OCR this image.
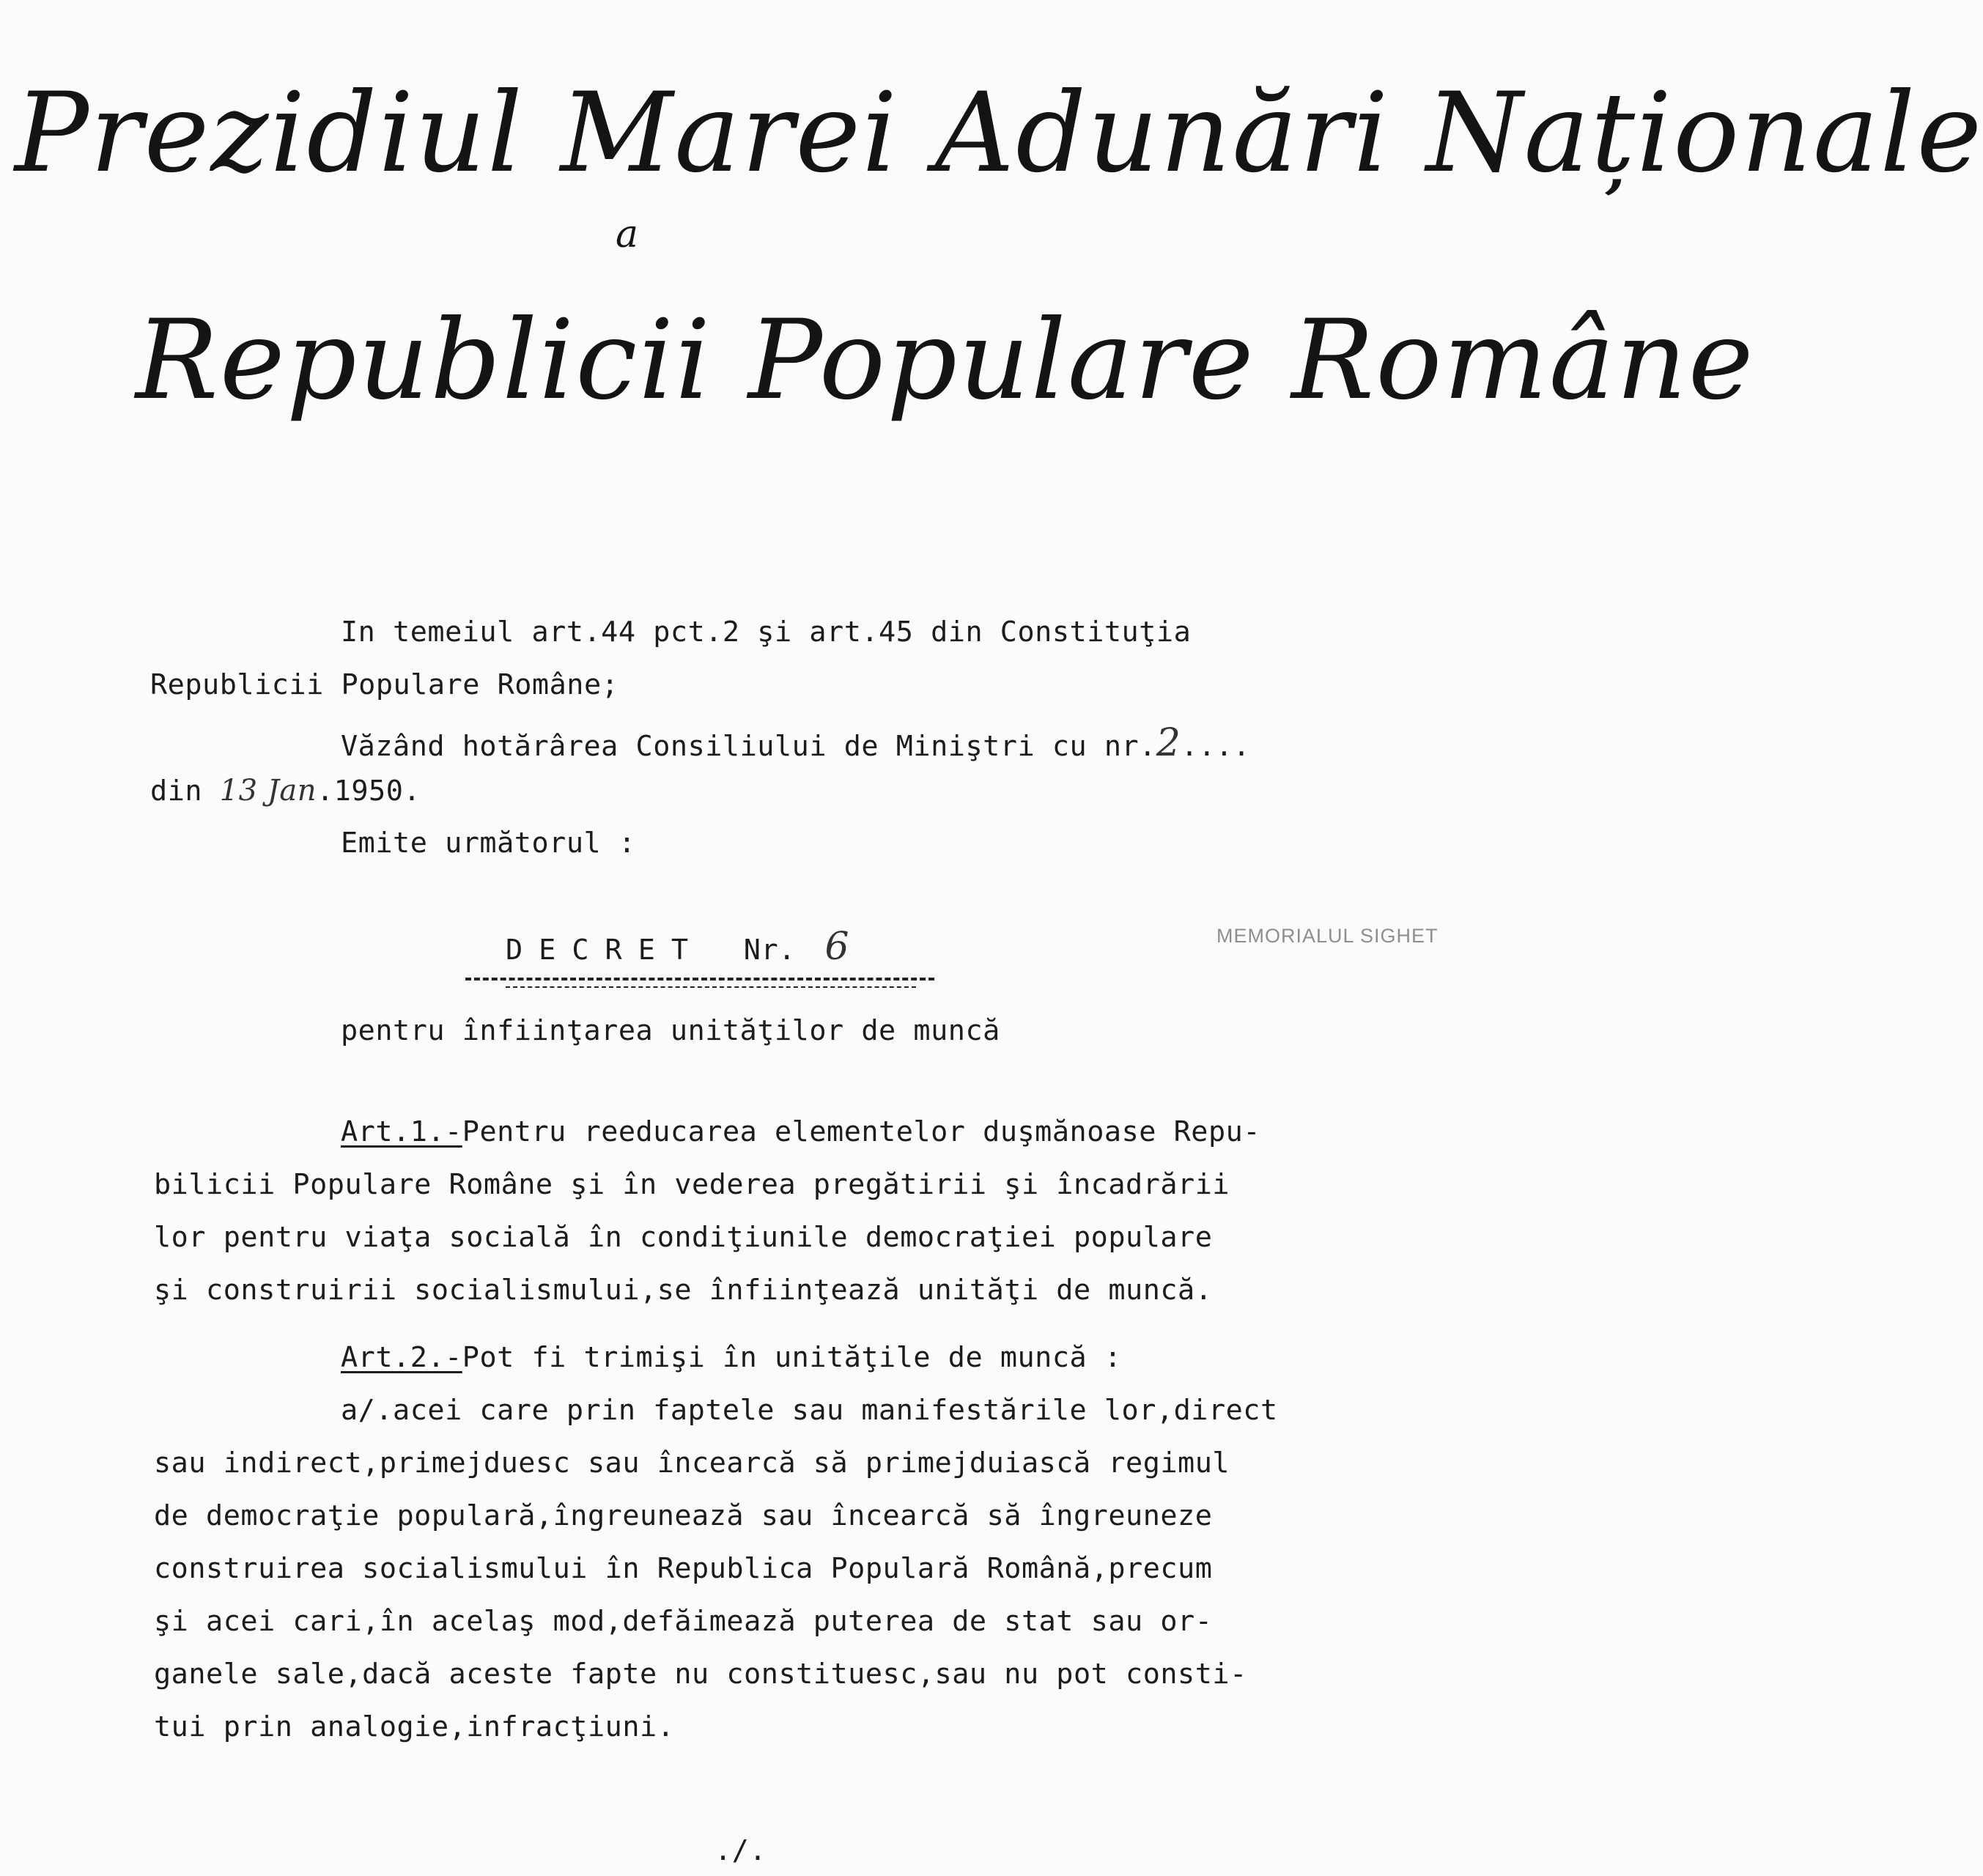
Prezidiul Marei Adunări Naționale
a
Republicii Populare Române
In temeiul art.44 pct.2 şi art.45 din Constituţia
Republicii Populare Române;
Văzând hotărârea Consiliului de Miniştri cu nr.2....
din 13 Jan.1950.
Emite următorul :
DECRET Nr. 6	MEMORIALUL SIGHET
pentru înfiinţarea unităţilor de muncă
Art.1.-Pentru reeducarea elementelor duşmănoase Repu-
bilicii Populare Române şi în vederea pregătirii şi încadrării
lor pentru viaţa socială în condiţiunile democraţiei populare
şi construirii socialismului,se înfiinţează unităţi de muncă.
Art.2.-Pot fi trimişi în unităţile de muncă :
a/.acei care prin faptele sau manifestările lor,direct
sau indirect,primejduesc sau încearcă să primejduiască regimul
de democraţie populară,îngreunează sau încearcă să îngreuneze
construirea socialismului în Republica Populară Română,precum
şi acei cari,în acelaş mod,defăimează puterea de stat sau or-
ganele sale,dacă aceste fapte nu constituesc,sau nu pot consti-
tui prin analogie,infracţiuni.
./.
